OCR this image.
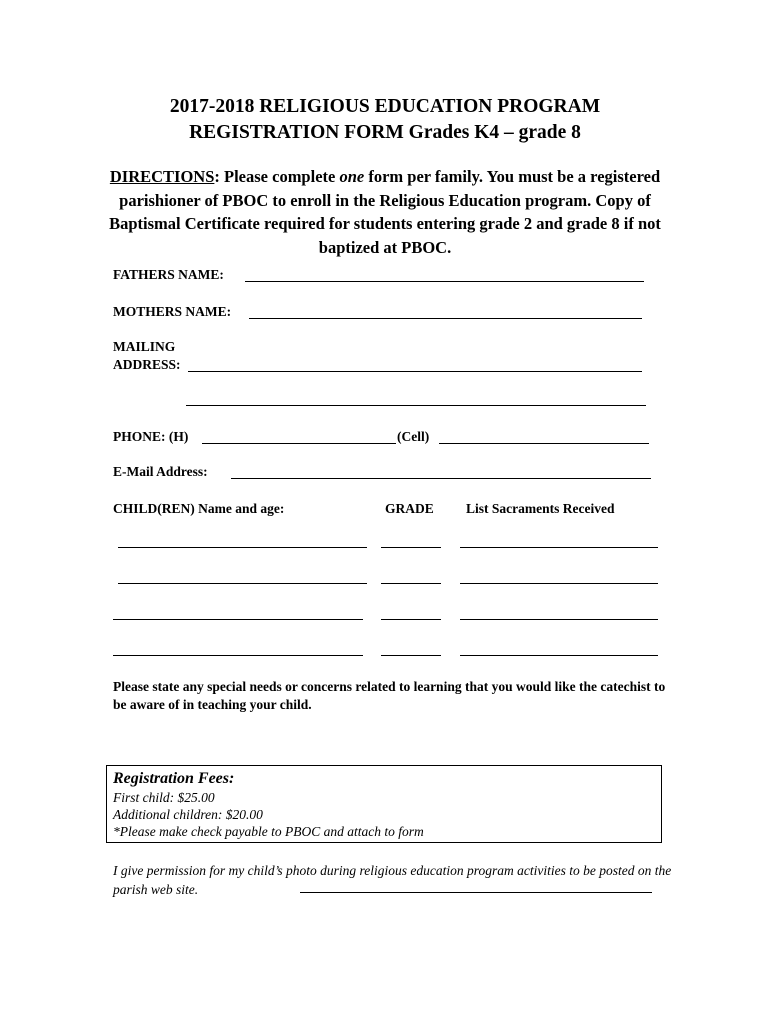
2017-2018 RELIGIOUS EDUCATION PROGRAM
REGISTRATION FORM Grades K4 – grade 8
DIRECTIONS: Please complete one form per family. You must be a registered parishioner of PBOC to enroll in the Religious Education program. Copy of Baptismal Certificate required for students entering grade 2 and grade 8 if not baptized at PBOC.
FATHERS NAME:
MOTHERS NAME:
MAILING
ADDRESS:
PHONE: (H)	(Cell)
E-Mail Address:
CHILD(REN) Name and age:	GRADE List Sacraments Received
Please state any special needs or concerns related to learning that you would like the catechist to be aware of in teaching your child.
Registration Fees:
First child: $25.00
Additional children: $20.00
*Please make check payable to PBOC and attach to form
I give permission for my child’s photo during religious education program activities to be posted on the parish web site.
